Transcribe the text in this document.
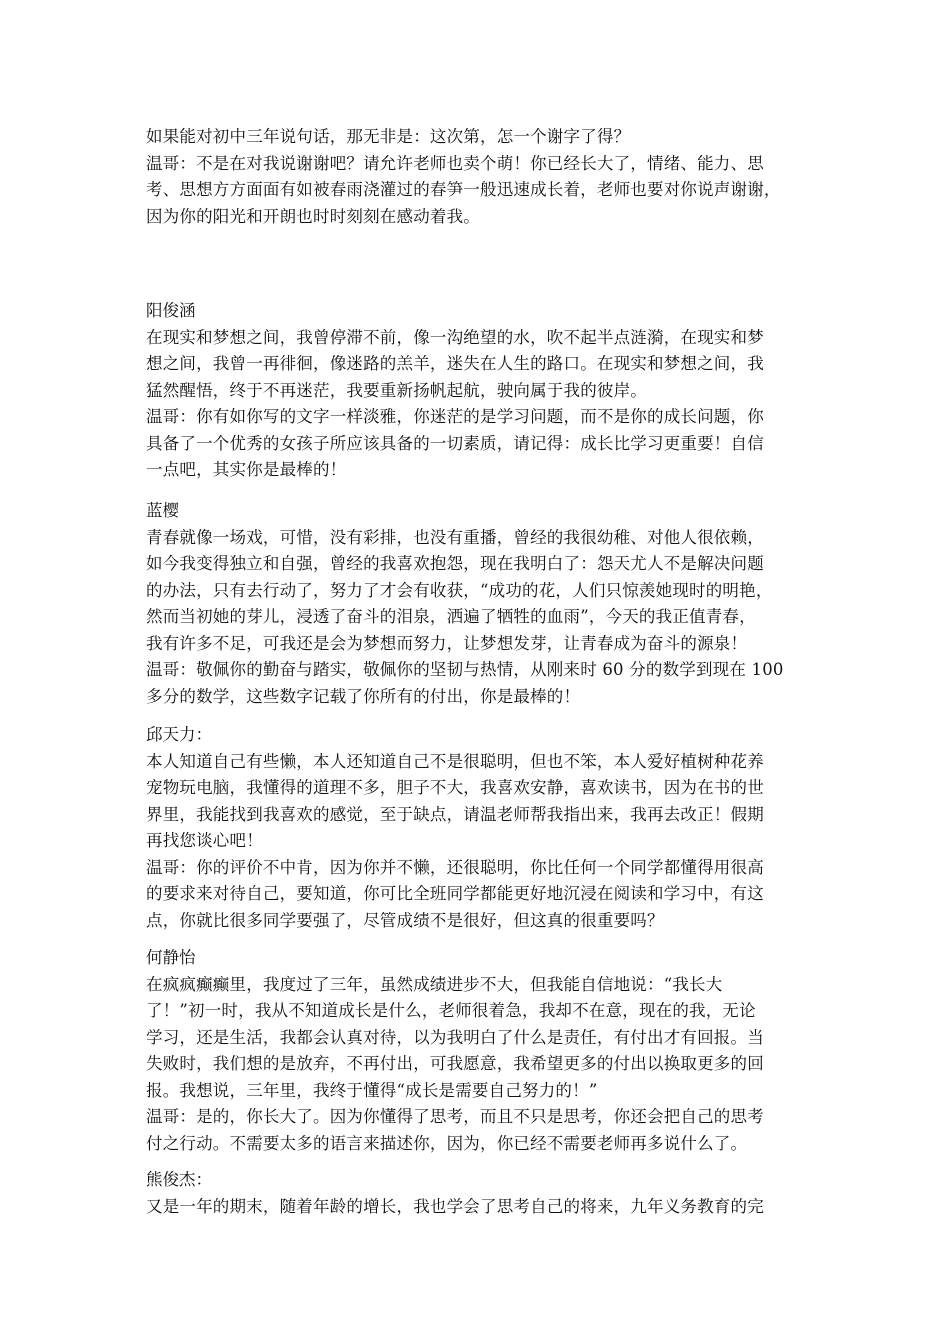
如果能对初中三年说句话，那无非是：这次第，怎一个谢字了得？
温哥：不是在对我说谢谢吧？请允许老师也卖个萌！你已经长大了，情绪、能力、思
考、思想方方面面有如被春雨浇灌过的春笋一般迅速成长着，老师也要对你说声谢谢，
因为你的阳光和开朗也时时刻刻在感动着我。
阳俊涵
在现实和梦想之间，我曾停滞不前，像一沟绝望的水，吹不起半点涟漪，在现实和梦
想之间，我曾一再徘徊，像迷路的羔羊，迷失在人生的路口。在现实和梦想之间，我
猛然醒悟，终于不再迷茫，我要重新扬帆起航，驶向属于我的彼岸。
温哥：你有如你写的文字一样淡雅，你迷茫的是学习问题，而不是你的成长问题，你
具备了一个优秀的女孩子所应该具备的一切素质，请记得：成长比学习更重要！自信
一点吧，其实你是最棒的！
蓝樱
青春就像一场戏，可惜，没有彩排，也没有重播，曾经的我很幼稚、对他人很依赖，
如今我变得独立和自强，曾经的我喜欢抱怨，现在我明白了：怨天尤人不是解决问题
的办法，只有去行动了，努力了才会有收获，“成功的花，人们只惊羡她现时的明艳，
然而当初她的芽儿，浸透了奋斗的泪泉，洒遍了牺牲的血雨”，今天的我正值青春，
我有许多不足，可我还是会为梦想而努力，让梦想发芽，让青春成为奋斗的源泉！
温哥：敬佩你的勤奋与踏实，敬佩你的坚韧与热情，从刚来时 60 分的数学到现在 100
多分的数学，这些数字记载了你所有的付出，你是最棒的！
邱天力：
本人知道自己有些懒，本人还知道自己不是很聪明，但也不笨，本人爱好植树种花养
宠物玩电脑，我懂得的道理不多，胆子不大，我喜欢安静，喜欢读书，因为在书的世
界里，我能找到我喜欢的感觉，至于缺点，请温老师帮我指出来，我再去改正！假期
再找您谈心吧！
温哥：你的评价不中肯，因为你并不懒，还很聪明，你比任何一个同学都懂得用很高
的要求来对待自己，要知道，你可比全班同学都能更好地沉浸在阅读和学习中，有这
点，你就比很多同学要强了，尽管成绩不是很好，但这真的很重要吗？
何静怡
在疯疯癫癫里，我度过了三年，虽然成绩进步不大，但我能自信地说：“我长大
了！”初一时，我从不知道成长是什么，老师很着急，我却不在意，现在的我，无论
学习，还是生活，我都会认真对待，以为我明白了什么是责任，有付出才有回报。当
失败时，我们想的是放弃，不再付出，可我愿意，我希望更多的付出以换取更多的回
报。我想说，三年里，我终于懂得“成长是需要自己努力的！”
温哥：是的，你长大了。因为你懂得了思考，而且不只是思考，你还会把自己的思考
付之行动。不需要太多的语言来描述你，因为，你已经不需要老师再多说什么了。
熊俊杰：
又是一年的期末，随着年龄的增长，我也学会了思考自己的将来，九年义务教育的完
